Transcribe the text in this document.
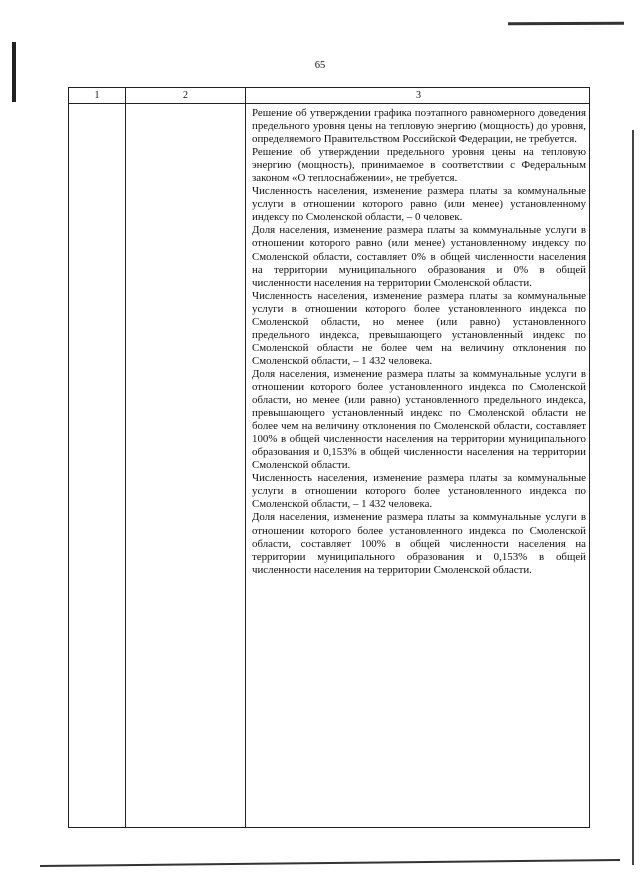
65
1	2	3

Решение об утверждении графика поэтапного равномерного доведения предельного уровня цены на тепловую энергию (мощность) до уровня, определяемого Правительством Российской Федерации, не требуется.

Решение об утверждении предельного уровня цены на тепловую энергию (мощность), принимаемое в соответствии с Федеральным законом «О теплоснабжении», не требуется.

Численность населения, изменение размера платы за коммунальные услуги в отношении которого равно (или менее) установленному индексу по Смоленской области, – 0 человек.

Доля населения, изменение размера платы за коммунальные услуги в отношении которого равно (или менее) установленному индексу по Смоленской области, составляет 0% в общей численности населения на территории муниципального образования и 0% в общей численности населения на территории Смоленской области.

Численность населения, изменение размера платы за коммунальные услуги в отношении которого более установленного индекса по Смоленской области, но менее (или равно) установленного предельного индекса, превышающего установленный индекс по Смоленской области не более чем на величину отклонения по Смоленской области, – 1 432 человека.

Доля населения, изменение размера платы за коммунальные услуги в отношении которого более установленного индекса по Смоленской области, но менее (или равно) установленного предельного индекса, превышающего установленный индекс по Смоленской области не более чем на величину отклонения по Смоленской области, составляет 100% в общей численности населения на территории муниципального образования и 0,153% в общей численности населения на территории Смоленской области.

Численность населения, изменение размера платы за коммунальные услуги в отношении которого более установленного индекса по Смоленской области, – 1 432 человека.

Доля населения, изменение размера платы за коммунальные услуги в отношении которого более установленного индекса по Смоленской области, составляет 100% в общей численности населения на территории муниципального образования и 0,153% в общей численности населения на территории Смоленской области.
